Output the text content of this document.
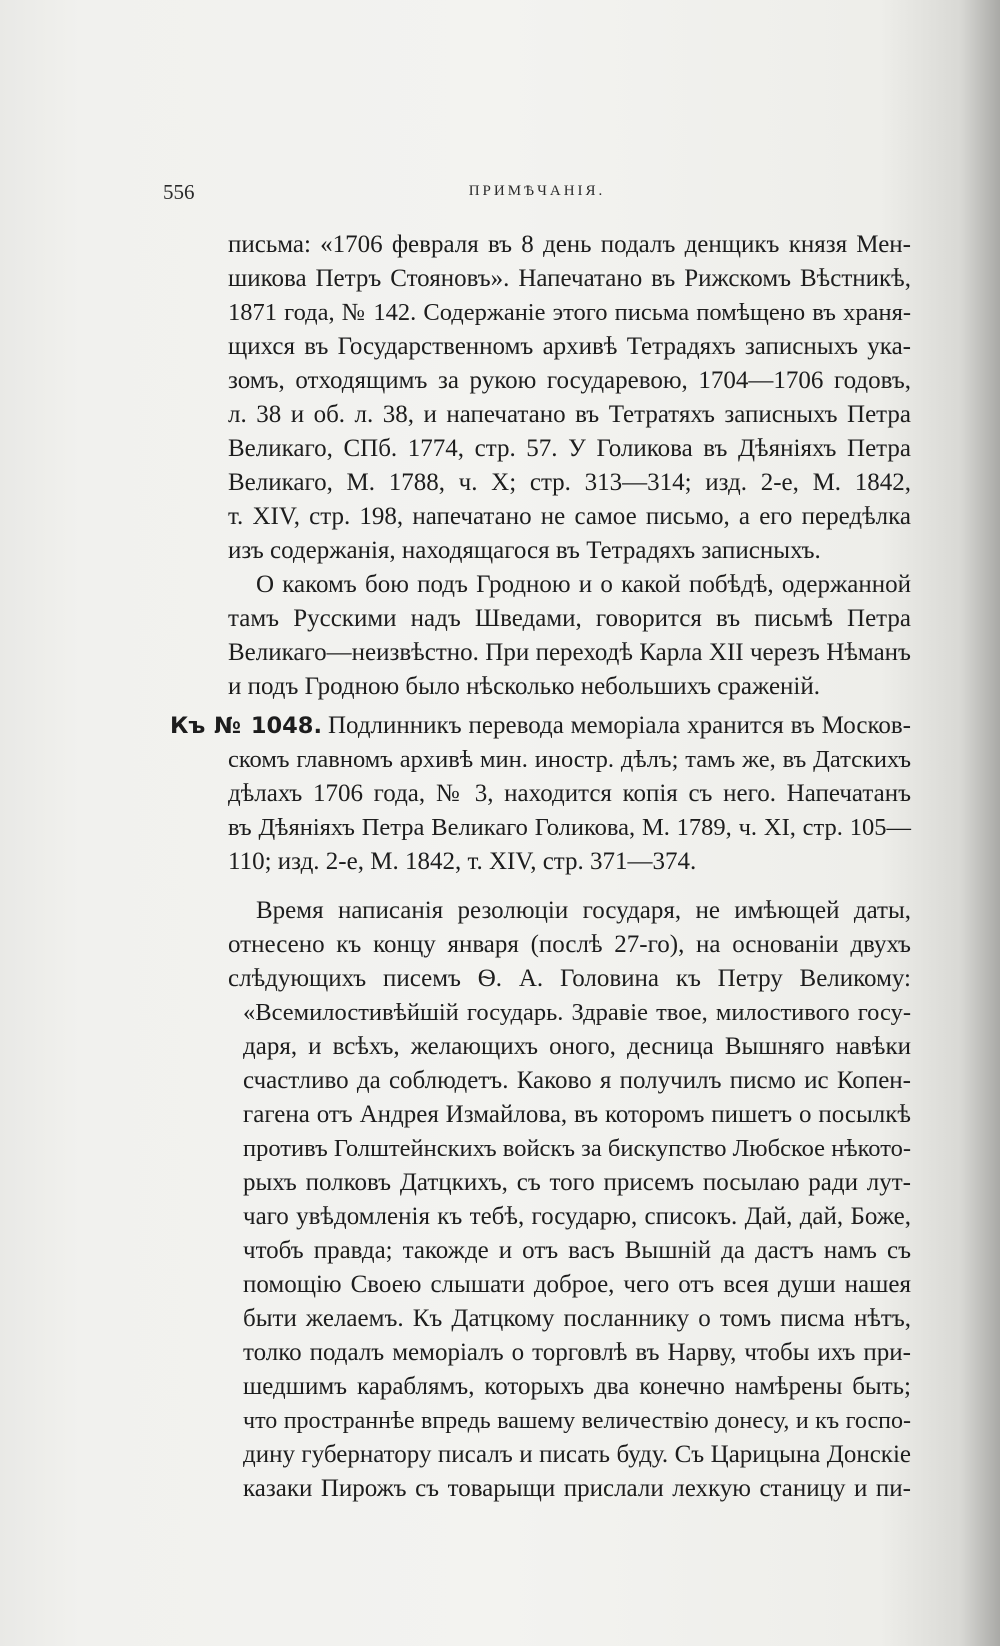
556	ПРИМѢЧАНIЯ.
письма: «1706 февраля въ 8 день подалъ денщикъ князя Мен-
шикова Петръ Стояновъ». Напечатано въ Рижскомъ Вѣстникѣ,
1871 года, № 142. Содержаніе этого письма помѣщено въ храня-
щихся въ Государственномъ архивѣ Тетрадяхъ записныхъ ука-
зомъ, отходящимъ за рукою государевою, 1704—1706 годовъ,
л. 38 и об. л. 38, и напечатано въ Тетратяхъ записныхъ Петра
Великаго, СПб. 1774, стр. 57. У Голикова въ Дѣяніяхъ Петра
Великаго, М. 1788, ч. X; стр. 313—314; изд. 2-е, М. 1842,
т. XIV, стр. 198, напечатано не самое письмо, а его передѣлка
изъ содержанія, находящагося въ Тетрадяхъ записныхъ.
О какомъ бою подъ Гродною и о какой побѣдѣ, одержанной
тамъ Русскими надъ Шведами, говорится въ письмѣ Петра
Великаго—неизвѣстно. При переходѣ Карла XII черезъ Нѣманъ
и подъ Гродною было нѣсколько небольшихъ сраженій.
Къ № 1048. Подлинникъ перевода меморіала хранится въ Москов-
скомъ главномъ архивѣ мин. иностр. дѣлъ; тамъ же, въ Датскихъ
дѣлахъ 1706 года, № 3, находится копія съ него. Напечатанъ
въ Дѣяніяхъ Петра Великаго Голикова, М. 1789, ч. XI, стр. 105—
110; изд. 2-е, М. 1842, т. XIV, стр. 371—374.
Время написанія резолюціи государя, не имѣющей даты,
отнесено къ концу января (послѣ 27-го), на основаніи двухъ
слѣдующихъ писемъ Ѳ. А. Головина къ Петру Великому:
«Всемилостивѣйшій государь. Здравіе твое, милостивого госу-
даря, и всѣхъ, желающихъ оного, десница Вышняго навѣки
счастливо да соблюдетъ. Каково я получилъ писмо ис Копен-
гагена отъ Андрея Измайлова, въ которомъ пишетъ о посылкѣ
противъ Голштейнскихъ войскъ за бискупство Любское нѣкото-
рыхъ полковъ Датцкихъ, съ того присемъ посылаю ради лут-
чаго увѣдомленія къ тебѣ, государю, списокъ. Дай, дай, Боже,
чтобъ правда; такожде и отъ васъ Вышній да дастъ намъ съ
помощію Своею слышати доброе, чего отъ всея души нашея
быти желаемъ. Къ Датцкому посланнику о томъ писма нѣтъ,
толко подалъ меморіалъ о торговлѣ въ Нарву, чтобы ихъ при-
шедшимъ караблямъ, которыхъ два конечно намѣрены быть;
что пространнѣе впредь вашему величествію донесу, и къ госпо-
дину губернатору писалъ и писать буду. Съ Царицына Донскіе
казаки Пирожъ съ товарыщи прислали лехкую станицу и пи-
